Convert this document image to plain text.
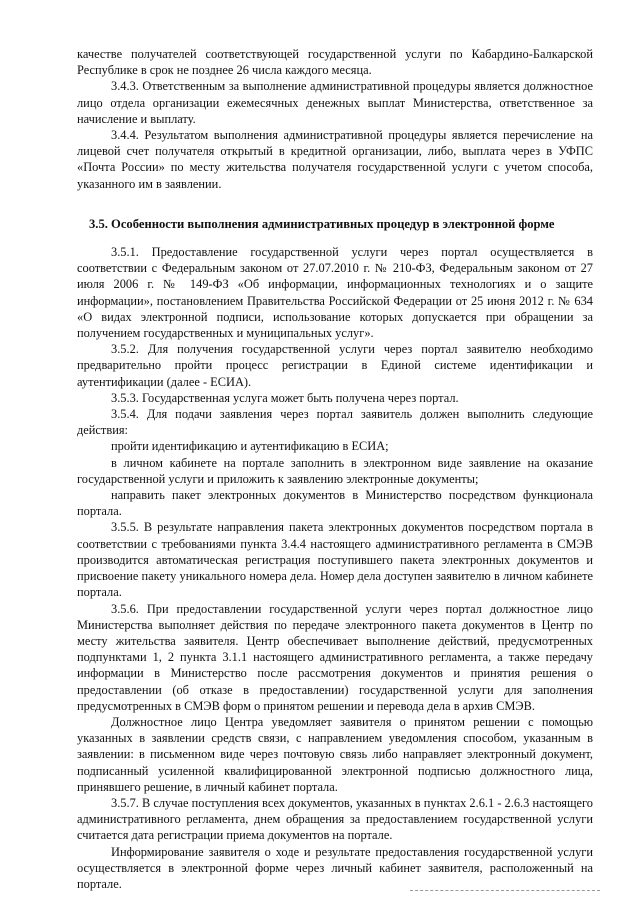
качестве получателей соответствующей государственной услуги по Кабардино-Балкарской Республике в срок не позднее 26 числа каждого месяца.

3.4.3. Ответственным за выполнение административной процедуры является должностное лицо отдела организации ежемесячных денежных выплат Министерства, ответственное за начисление и выплату.

3.4.4. Результатом выполнения административной процедуры является перечисление на лицевой счет получателя открытый в кредитной организации, либо, выплата через в УФПС «Почта России» по месту жительства получателя государственной услуги с учетом способа, указанного им в заявлении.

3.5. Особенности выполнения административных процедур в электронной форме

3.5.1. Предоставление государственной услуги через портал осуществляется в соответствии с Федеральным законом от 27.07.2010 г. № 210-ФЗ, Федеральным законом от 27 июля 2006 г. № 149-ФЗ «Об информации, информационных технологиях и о защите информации», постановлением Правительства Российской Федерации от 25 июня 2012 г. № 634 «О видах электронной подписи, использование которых допускается при обращении за получением государственных и муниципальных услуг».

3.5.2. Для получения государственной услуги через портал заявителю необходимо предварительно пройти процесс регистрации в Единой системе идентификации и аутентификации (далее - ЕСИА).

3.5.3. Государственная услуга может быть получена через портал.

3.5.4. Для подачи заявления через портал заявитель должен выполнить следующие действия:

пройти идентификацию и аутентификацию в ЕСИА;

в личном кабинете на портале заполнить в электронном виде заявление на оказание государственной услуги и приложить к заявлению электронные документы;

направить пакет электронных документов в Министерство посредством функционала портала.

3.5.5. В результате направления пакета электронных документов посредством портала в соответствии с требованиями пункта 3.4.4 настоящего административного регламента в СМЭВ производится автоматическая регистрация поступившего пакета электронных документов и присвоение пакету уникального номера дела. Номер дела доступен заявителю в личном кабинете портала.

3.5.6. При предоставлении государственной услуги через портал должностное лицо Министерства выполняет действия по передаче электронного пакета документов в Центр по месту жительства заявителя. Центр обеспечивает выполнение действий, предусмотренных подпунктами 1, 2 пункта 3.1.1 настоящего административного регламента, а также передачу информации в Министерство после рассмотрения документов и принятия решения о предоставлении (об отказе в предоставлении) государственной услуги для заполнения предусмотренных в СМЭВ форм о принятом решении и перевода дела в архив СМЭВ.

Должностное лицо Центра уведомляет заявителя о принятом решении с помощью указанных в заявлении средств связи, с направлением уведомления способом, указанным в заявлении: в письменном виде через почтовую связь либо направляет электронный документ, подписанный усиленной квалифицированной электронной подписью должностного лица, принявшего решение, в личный кабинет портала.

3.5.7. В случае поступления всех документов, указанных в пунктах 2.6.1 - 2.6.3 настоящего административного регламента, днем обращения за предоставлением государственной услуги считается дата регистрации приема документов на портале.

Информирование заявителя о ходе и результате предоставления государственной услуги осуществляется в электронной форме через личный кабинет заявителя, расположенный на портале.
